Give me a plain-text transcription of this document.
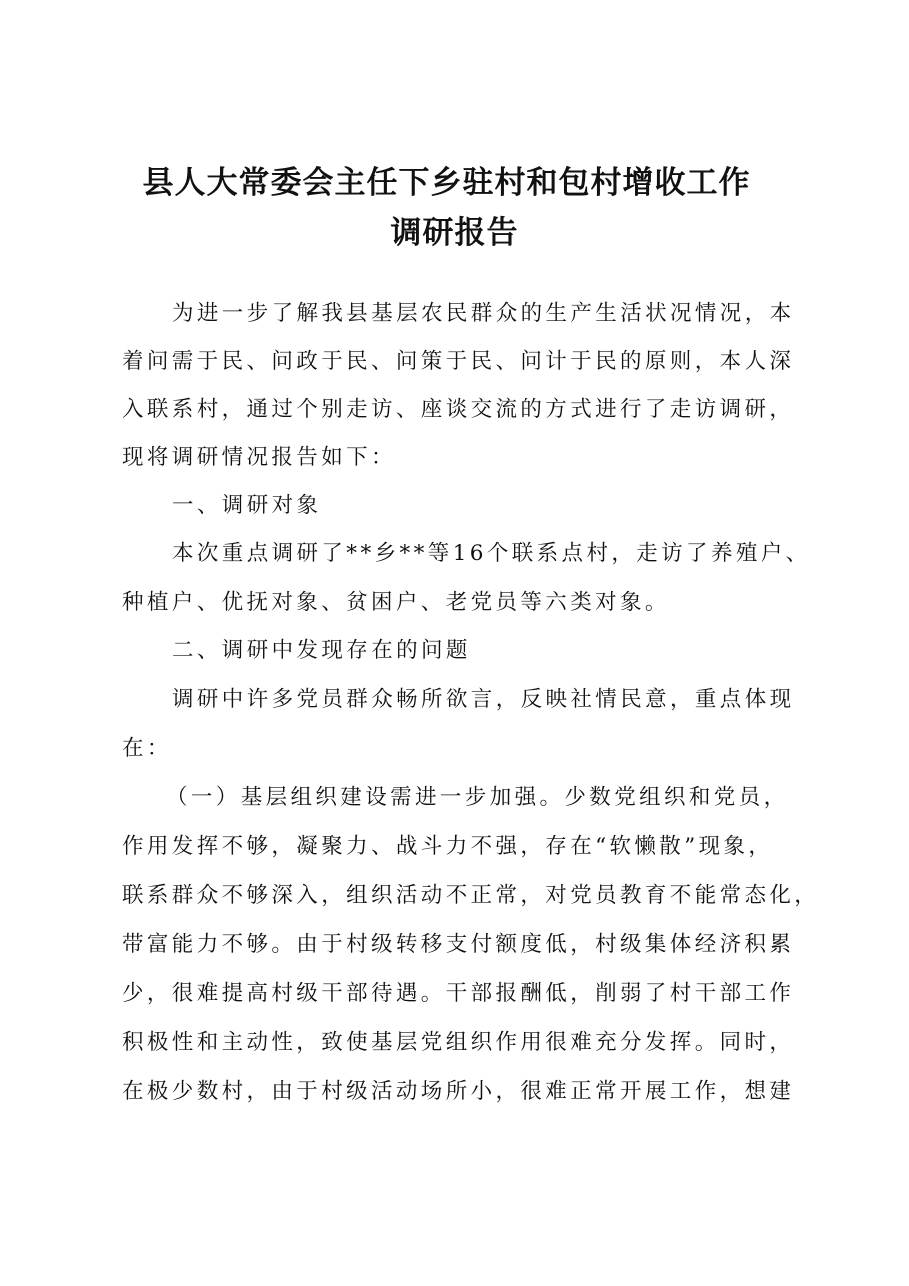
县人大常委会主任下乡驻村和包村增收工作
调研报告
为进一步了解我县基层农民群众的生产生活状况情况，本
着问需于民、问政于民、问策于民、问计于民的原则，本人深
入联系村，通过个别走访、座谈交流的方式进行了走访调研，
现将调研情况报告如下：
一、调研对象
本次重点调研了**乡**等16个联系点村，走访了养殖户、
种植户、优抚对象、贫困户、老党员等六类对象。
二、调研中发现存在的问题
调研中许多党员群众畅所欲言，反映社情民意，重点体现
在：
（一）基层组织建设需进一步加强。少数党组织和党员，
作用发挥不够，凝聚力、战斗力不强，存在“软懒散”现象，
联系群众不够深入，组织活动不正常，对党员教育不能常态化，
带富能力不够。由于村级转移支付额度低，村级集体经济积累
少，很难提高村级干部待遇。干部报酬低，削弱了村干部工作
积极性和主动性，致使基层党组织作用很难充分发挥。同时，
在极少数村，由于村级活动场所小，很难正常开展工作，想建
